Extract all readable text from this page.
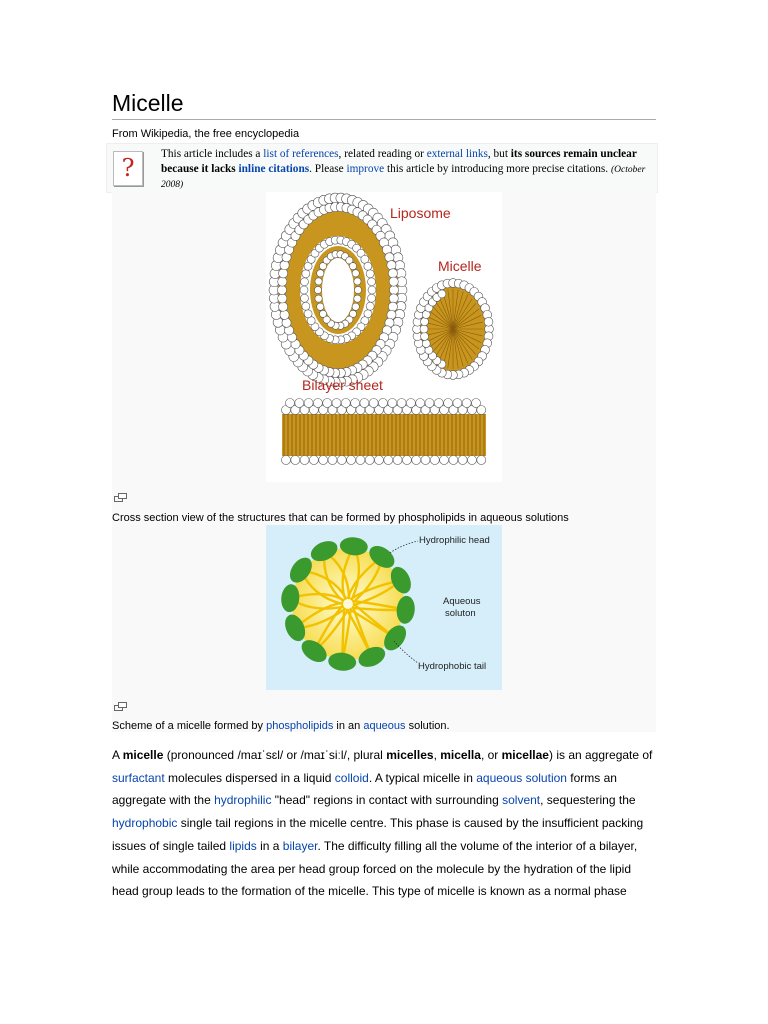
Micelle
From Wikipedia, the free encyclopedia
?	This article includes a list of references, related reading or external links, but its sources remain unclear because it lacks inline citations. Please improve this article by introducing more precise citations. (October 2008)
Liposome
Micelle
Bilayer sheet
Cross section view of the structures that can be formed by phospholipids in aqueous solutions
Hydrophilic head
Aqueous
soluton
Hydrophobic tail
Scheme of a micelle formed by phospholipids in an aqueous solution.

A micelle (pronounced /maɪˈsɛl/ or /maɪˈsiːl/, plural micelles, micella, or micellae) is an aggregate of surfactant molecules dispersed in a liquid colloid. A typical micelle in aqueous solution forms an aggregate with the hydrophilic "head" regions in contact with surrounding solvent, sequestering the hydrophobic single tail regions in the micelle centre. This phase is caused by the insufficient packing issues of single tailed lipids in a bilayer. The difficulty filling all the volume of the interior of a bilayer, while accommodating the area per head group forced on the molecule by the hydration of the lipid head group leads to the formation of the micelle. This type of micelle is known as a normal phase
